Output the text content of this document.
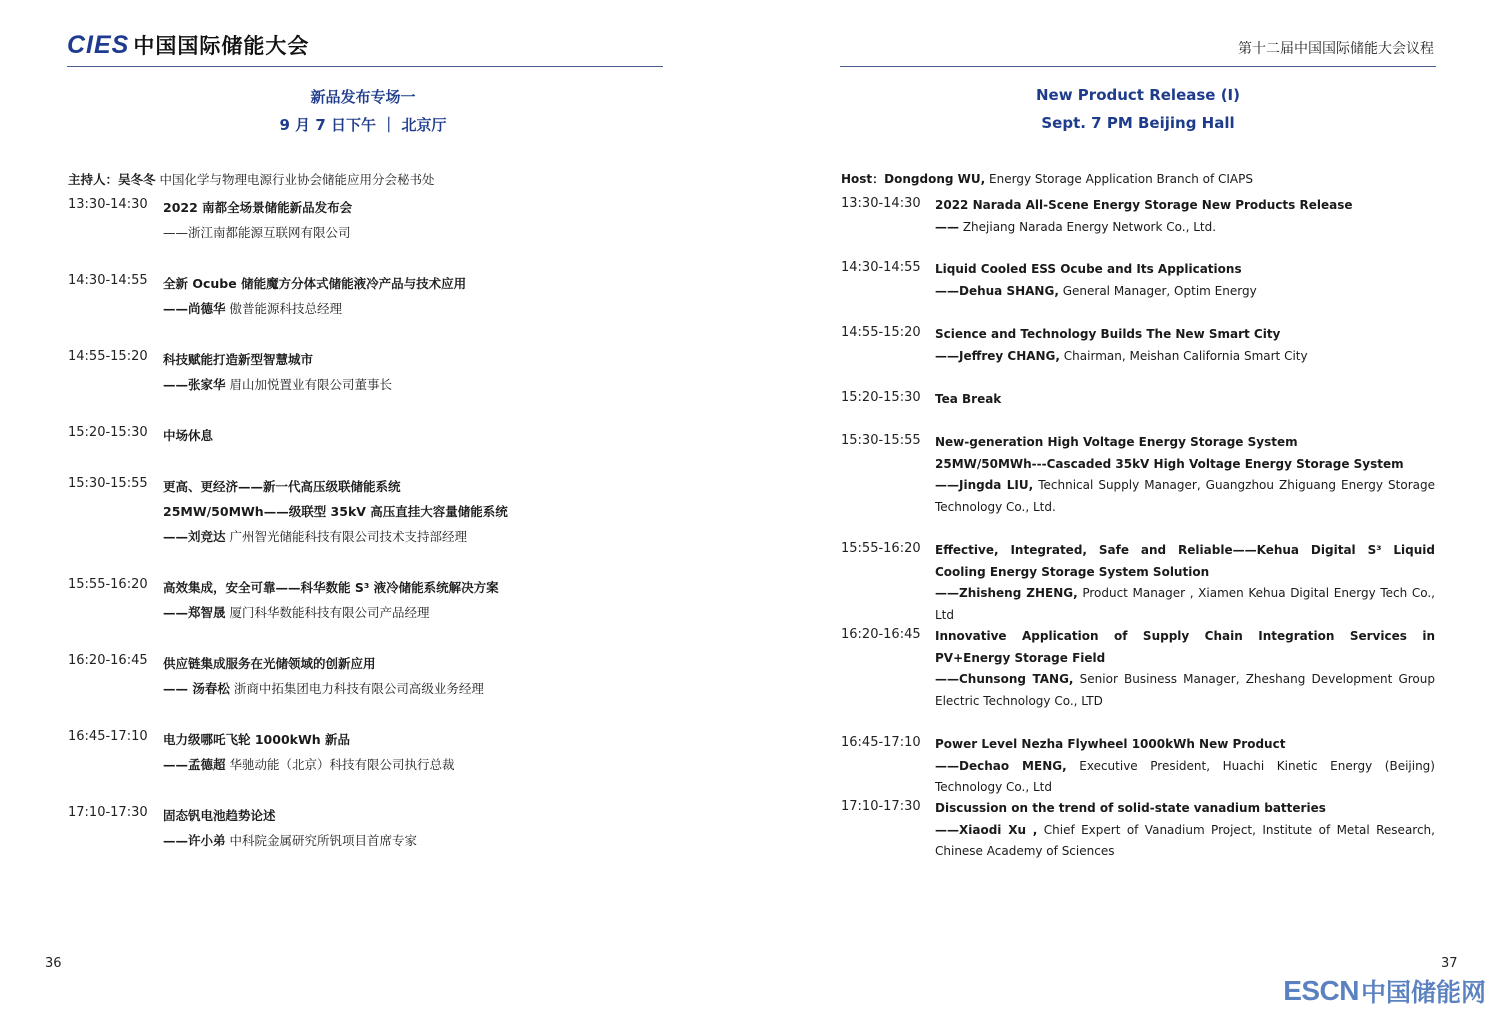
CIES 中国国际储能大会
新品发布专场一
9 月 7 日下午 ｜ 北京厅
主持人：吴冬冬 中国化学与物理电源行业协会储能应用分会秘书处
13:30-14:30 2022 南都全场景储能新品发布会
——浙江南都能源互联网有限公司
14:30-14:55 全新 Ocube 储能魔方分体式储能液冷产品与技术应用
——尚德华 傲普能源科技总经理
14:55-15:20 科技赋能打造新型智慧城市
——张家华 眉山加悦置业有限公司董事长
15:20-15:30 中场休息
15:30-15:55 更高、更经济——新一代高压级联储能系统
25MW/50MWh——级联型 35kV 高压直挂大容量储能系统
——刘竞达 广州智光储能科技有限公司技术支持部经理
15:55-16:20 高效集成，安全可靠——科华数能 S³ 液冷储能系统解决方案
——郑智晟 厦门科华数能科技有限公司产品经理
16:20-16:45 供应链集成服务在光储领域的创新应用
—— 汤春松 浙商中拓集团电力科技有限公司高级业务经理
16:45-17:10 电力级哪吒飞轮 1000kWh 新品
——孟德超 华驰动能（北京）科技有限公司执行总裁
17:10-17:30 固态钒电池趋势论述
——许小弟 中科院金属研究所钒项目首席专家
36
第十二届中国国际储能大会议程
New Product Release (I)
Sept. 7 PM Beijing Hall
Host：Dongdong WU, Energy Storage Application Branch of CIAPS
13:30-14:30 2022 Narada All-Scene Energy Storage New Products Release
—— Zhejiang Narada Energy Network Co., Ltd.
14:30-14:55 Liquid Cooled ESS Ocube and Its Applications
——Dehua SHANG, General Manager, Optim Energy
14:55-15:20 Science and Technology Builds The New Smart City
——Jeffrey CHANG, Chairman, Meishan California Smart City
15:20-15:30 Tea Break
15:30-15:55 New-generation High Voltage Energy Storage System
25MW/50MWh---Cascaded 35kV High Voltage Energy Storage System
——Jingda LIU, Technical Supply Manager, Guangzhou Zhiguang Energy Storage Technology Co., Ltd.
15:55-16:20 Effective, Integrated, Safe and Reliable——Kehua Digital S³ Liquid Cooling Energy Storage System Solution
——Zhisheng ZHENG, Product Manager , Xiamen Kehua Digital Energy Tech Co., Ltd
16:20-16:45 Innovative Application of Supply Chain Integration Services in PV+Energy Storage Field
——Chunsong TANG, Senior Business Manager, Zheshang Development Group Electric Technology Co., LTD
16:45-17:10 Power Level Nezha Flywheel 1000kWh New Product
——Dechao MENG, Executive President, Huachi Kinetic Energy (Beijing) Technology Co., Ltd
17:10-17:30 Discussion on the trend of solid-state vanadium batteries
——Xiaodi Xu , Chief Expert of Vanadium Project, Institute of Metal Research, Chinese Academy of Sciences
37
ESCN 中国储能网
